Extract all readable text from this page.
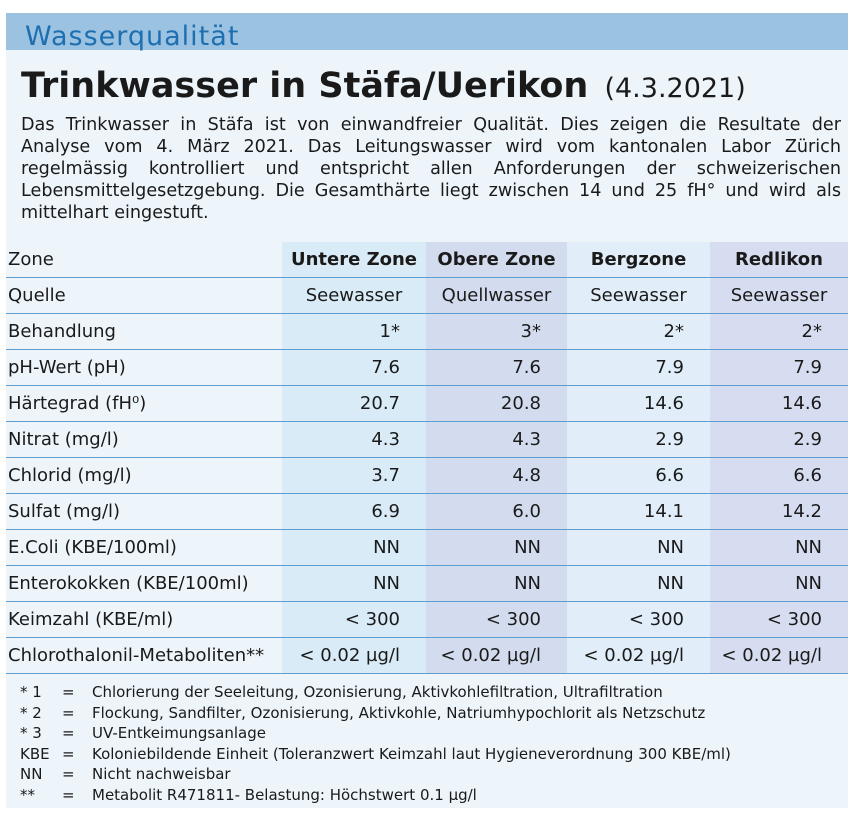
Wasserqualität
Trinkwasser in Stäfa/Uerikon (4.3.2021)
Das Trinkwasser in Stäfa ist von einwandfreier Qualität. Dies zeigen die Resultate der Analyse vom 4. März 2021. Das Leitungswasser wird vom kantonalen Labor Zürich regelmässig kontrolliert und entspricht allen Anforderungen der schweizerischen Lebensmittelgesetzgebung. Die Gesamthärte liegt zwischen 14 und 25 fH° und wird als mittelhart eingestuft.
Zone	Untere Zone	Obere Zone	Bergzone	Redlikon
Quelle	Seewasser	Quellwasser	Seewasser	Seewasser
Behandlung	1*	3*	2*	2*
pH-Wert (pH)	7.6	7.6	7.9	7.9
Härtegrad (fH⁰)	20.7	20.8	14.6	14.6
Nitrat (mg/l)	4.3	4.3	2.9	2.9
Chlorid (mg/l)	3.7	4.8	6.6	6.6
Sulfat (mg/l)	6.9	6.0	14.1	14.2
E.Coli (KBE/100ml)	NN	NN	NN	NN
Enterokokken (KBE/100ml)	NN	NN	NN	NN
Keimzahl (KBE/ml)	< 300	< 300	< 300	< 300
Chlorothalonil-Metaboliten**	< 0.02 µg/l	< 0.02 µg/l	< 0.02 µg/l	< 0.02 µg/l
* 1	=	Chlorierung der Seeleitung, Ozonisierung, Aktivkohlefiltration, Ultrafiltration
* 2	=	Flockung, Sandfilter, Ozonisierung, Aktivkohle, Natriumhypochlorit als Netzschutz
* 3	=	UV-Entkeimungsanlage
KBE	=	Koloniebildende Einheit (Toleranzwert Keimzahl laut Hygieneverordnung 300 KBE/ml)
NN	=	Nicht nachweisbar
**	=	Metabolit R471811- Belastung: Höchstwert 0.1 µg/l
